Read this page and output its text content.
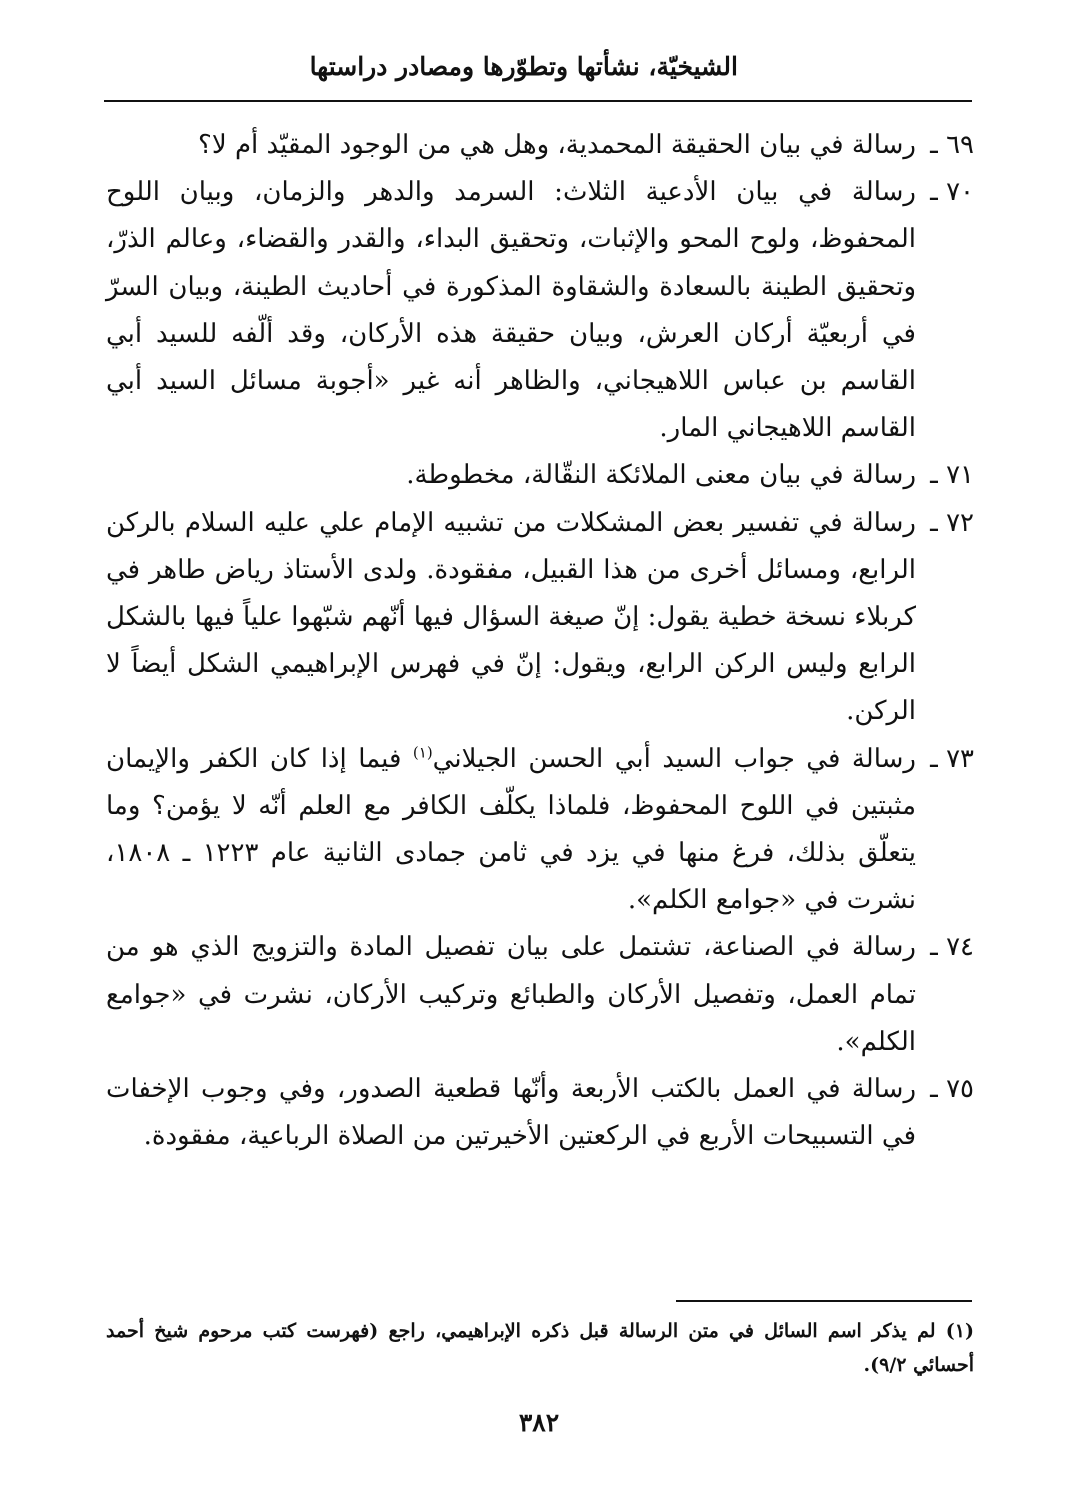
الشيخيّة، نشأتها وتطوّرها ومصادر دراستها

٦٩ ـرسالة في بيان الحقيقة المحمدية، وهل هي من الوجود المقيّد أم لا؟

٧٠ ـرسالة في بيان الأدعية الثلاث: السرمد والدهر والزمان، وبيان اللوح المحفوظ، ولوح المحو والإثبات، وتحقيق البداء، والقدر والقضاء، وعالم الذرّ، وتحقيق الطينة بالسعادة والشقاوة المذكورة في أحاديث الطينة، وبيان السرّ في أربعيّة أركان العرش، وبيان حقيقة هذه الأركان، وقد ألّفه للسيد أبي القاسم بن عباس اللاهيجاني، والظاهر أنه غير «أجوبة مسائل السيد أبي القاسم اللاهيجاني المار.

٧١ ـرسالة في بيان معنى الملائكة النقّالة، مخطوطة.

٧٢ ـرسالة في تفسير بعض المشكلات من تشبيه الإمام علي عليه السلام بالركن الرابع، ومسائل أخرى من هذا القبيل، مفقودة. ولدى الأستاذ رياض طاهر في كربلاء نسخة خطية يقول: إنّ صيغة السؤال فيها أنّهم شبّهوا علياً فيها بالشكل الرابع وليس الركن الرابع، ويقول: إنّ في فهرس الإبراهيمي الشكل أيضاً لا الركن.

٧٣ ـرسالة في جواب السيد أبي الحسن الجيلاني$^{(١)}$ فيما إذا كان الكفر والإيمان مثبتين في اللوح المحفوظ، فلماذا يكلّف الكافر مع العلم أنّه لا يؤمن؟ وما يتعلّق بذلك، فرغ منها في يزد في ثامن جمادى الثانية عام ١٢٢٣ ـ ١٨٠٨، نشرت في «جوامع الكلم».

٧٤ ـرسالة في الصناعة، تشتمل على بيان تفصيل المادة والتزويج الذي هو من تمام العمل، وتفصيل الأركان والطبائع وتركيب الأركان، نشرت في «جوامع الكلم».

٧٥ ـرسالة في العمل بالكتب الأربعة وأنّها قطعية الصدور، وفي وجوب الإخفات في التسبيحات الأربع في الركعتين الأخيرتين من الصلاة الرباعية، مفقودة.

(١) لم يذكر اسم السائل في متن الرسالة قبل ذكره الإبراهيمي، راجع (فهرست كتب مرحوم شيخ أحمد أحسائي ٩/٢).
٣٨٢
